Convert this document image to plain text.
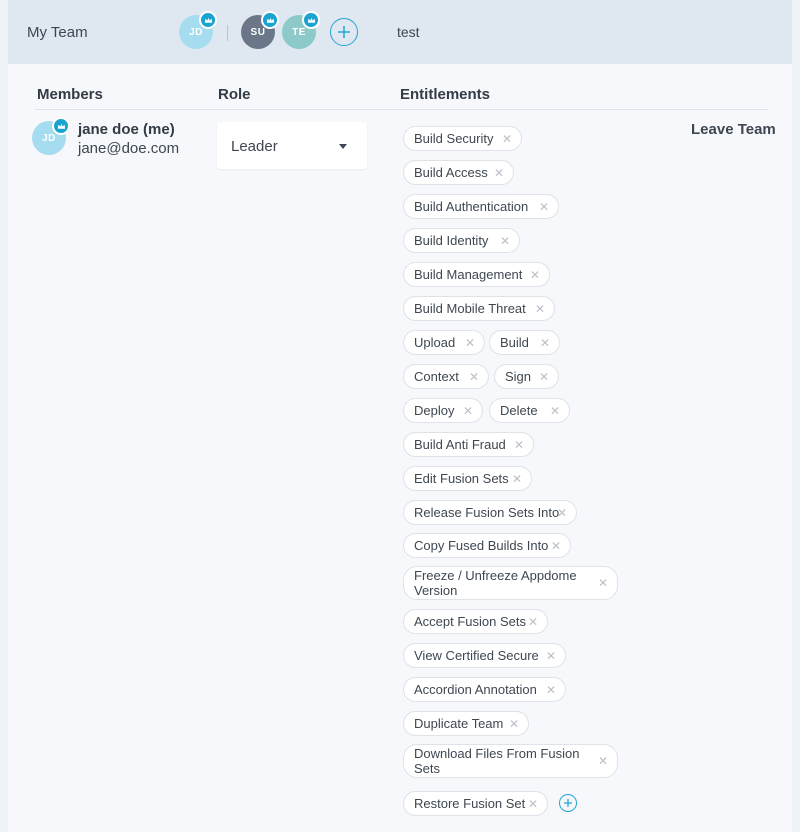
My Team	JD	SU	TE	test
Members	Role	Entitlements
JD jane doe (me)
jane@doe.com	Leader
Leave Team
Build Security ✕
Build Access ✕
Build Authentication ✕
Build Identity ✕
Build Management ✕
Build Mobile Threat ✕
Upload ✕ Build ✕
Context ✕ Sign ✕
Deploy ✕ Delete ✕
Build Anti Fraud ✕
Edit Fusion Sets ✕
Release Fusion Sets Into
✕
Copy Fused Builds Into ✕
Freeze / Unfreeze Appdome Version	✕
Accept Fusion Sets ✕
View Certified Secure ✕
Accordion Annotation ✕
Duplicate Team ✕
Download Files From Fusion Sets	✕
Restore Fusion Set ✕
